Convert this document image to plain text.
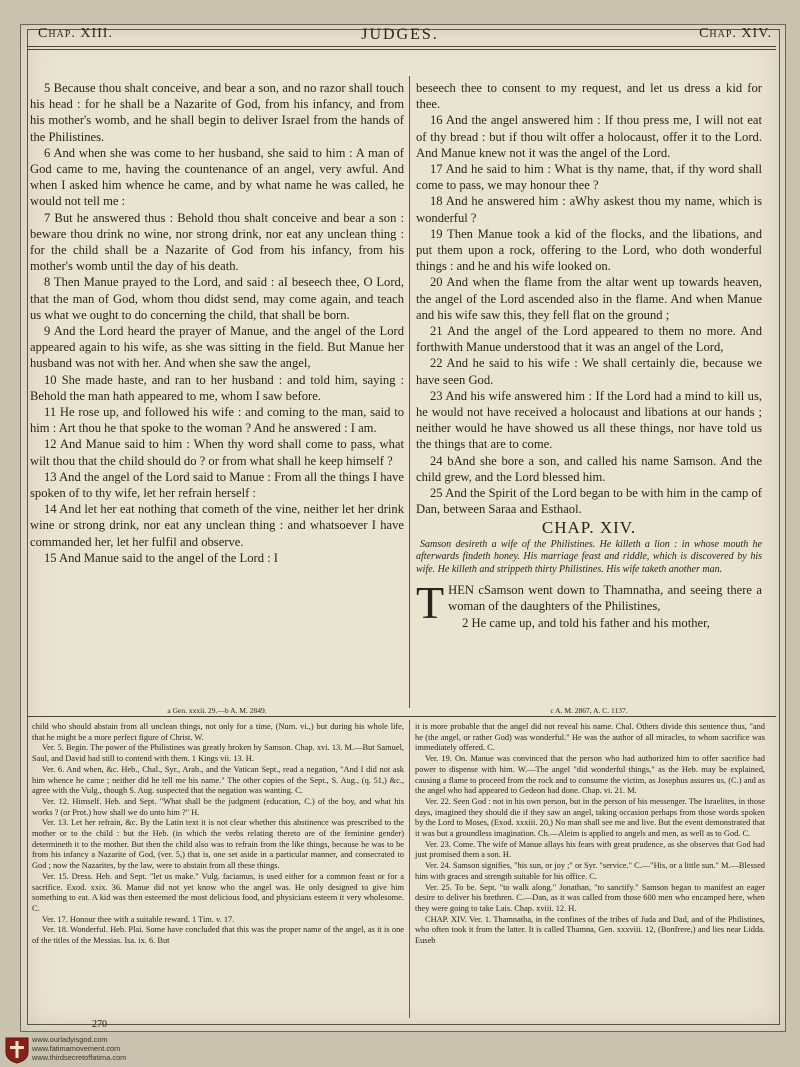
Chap. XIII.	JUDGES.	Chap. XIV.

5 Because thou shalt conceive, and bear a son, and no razor shall touch his head : for he shall be a Nazarite of God, from his infancy, and from his mother's womb, and he shall begin to deliver Israel from the hands of the Philistines.

6 And when she was come to her husband, she said to him : A man of God came to me, having the countenance of an angel, very awful. And when I asked him whence he came, and by what name he was called, he would not tell me :

7 But he answered thus : Behold thou shalt conceive and bear a son : beware thou drink no wine, nor strong drink, nor eat any unclean thing : for the child shall be a Nazarite of God from his infancy, from his mother's womb until the day of his death.

8 Then Manue prayed to the Lord, and said : aI beseech thee, O Lord, that the man of God, whom thou didst send, may come again, and teach us what we ought to do concerning the child, that shall be born.

9 And the Lord heard the prayer of Manue, and the angel of the Lord appeared again to his wife, as she was sitting in the field. But Manue her husband was not with her. And when she saw the angel,

10 She made haste, and ran to her husband : and told him, saying : Behold the man hath appeared to me, whom I saw before.

11 He rose up, and followed his wife : and coming to the man, said to him : Art thou he that spoke to the woman ? And he answered : I am.

12 And Manue said to him : When thy word shall come to pass, what wilt thou that the child should do ? or from what shall he keep himself ?

13 And the angel of the Lord said to Manue : From all the things I have spoken of to thy wife, let her refrain herself :

14 And let her eat nothing that cometh of the vine, neither let her drink wine or strong drink, nor eat any unclean thing : and whatsoever I have commanded her, let her fulfil and observe.

15 And Manue said to the angel of the Lord : I

beseech thee to consent to my request, and let us dress a kid for thee.

16 And the angel answered him : If thou press me, I will not eat of thy bread : but if thou wilt offer a holocaust, offer it to the Lord. And Manue knew not it was the angel of the Lord.

17 And he said to him : What is thy name, that, if thy word shall come to pass, we may honour thee ?

18 And he answered him : aWhy askest thou my name, which is wonderful ?

19 Then Manue took a kid of the flocks, and the libations, and put them upon a rock, offering to the Lord, who doth wonderful things : and he and his wife looked on.

20 And when the flame from the altar went up towards heaven, the angel of the Lord ascended also in the flame. And when Manue and his wife saw this, they fell flat on the ground ;

21 And the angel of the Lord appeared to them no more. And forthwith Manue understood that it was an angel of the Lord,

22 And he said to his wife : We shall certainly die, because we have seen God.

23 And his wife answered him : If the Lord had a mind to kill us, he would not have received a holocaust and libations at our hands ; neither would he have showed us all these things, nor have told us the things that are to come.

24 bAnd she bore a son, and called his name Samson. And the child grew, and the Lord blessed him.

25 And the Spirit of the Lord began to be with him in the camp of Dan, between Saraa and Esthaol.

CHAP. XIV.

Samson desireth a wife of the Philistines. He killeth a lion : in whose mouth he afterwards findeth honey. His marriage feast and riddle, which is discovered by his wife. He killeth and strippeth thirty Philistines. His wife taketh another man.

THEN cSamson went down to Thamnatha, and seeing there a woman of the daughters of the Philistines,

2 He came up, and told his father and his mother,

a Gen. xxxii. 29.—b A. M. 2849.	c A. M. 2867, A. C. 1137.

child who should abstain from all unclean things, not only for a time, (Num. vi.,) but during his whole life, that he might be a more perfect figure of Christ. W.

Ver. 5. Begin. The power of the Philistines was greatly broken by Samson. Chap. xvi. 13. M.—But Samuel, Saul, and David had still to contend with them. 1 Kings vii. 13. H.

Ver. 6. And when, &c. Heb., Chal., Syr., Arab., and the Vatican Sept., read a negation, "And I did not ask him whence he came ; neither did he tell me his name." The other copies of the Sept., S. Aug., (q. 51,) &c., agree with the Vulg., though S. Aug. suspected that the negation was wanting. C.

Ver. 12. Himself. Heb. and Sept. "What shall be the judgment (education, C.) of the boy, and what his works ? (or Prot.) how shall we do unto him ?" H.

Ver. 13. Let her refrain, &c. By the Latin text it is not clear whether this abstinence was prescribed to the mother or to the child : but the Heb. (in which the verbs relating thereto are of the feminine gender) determineth it to the mother. But then the child also was to refrain from the like things, because he was to be from his infancy a Nazarite of God, (ver. 5,) that is, one set aside in a particular manner, and consecrated to God ; now the Nazarites, by the law, were to abstain from all these things.

Ver. 15. Dress. Heb. and Sept. "let us make." Vulg. faciamus, is used either for a common feast or for a sacrifice. Exod. xxix. 36. Manue did not yet know who the angel was. He only designed to give him something to eat. A kid was then esteemed the most delicious food, and physicians esteem it very wholesome. C.

Ver. 17. Honour thee with a suitable reward. 1 Tim. v. 17.

Ver. 18. Wonderful. Heb. Plai. Some have concluded that this was the proper name of the angel, as it is one of the titles of the Messias. Isa. ix. 6. But

it is more probable that the angel did not reveal his name. Chal. Others divide this sentence thus, "and he (the angel, or rather God) was wonderful." He was the author of all miracles, to whom sacrifice was immediately offered. C.

Ver. 19. On. Manue was convinced that the person who had authorized him to offer sacrifice had power to dispense with him. W.—The angel "did wonderful things," as the Heb. may be explained, causing a flame to proceed from the rock and to consume the victim, as Josephus assures us, (C.) and as the angel who had appeared to Gedeon had done. Chap. vi. 21. M.

Ver. 22. Seen God : not in his own person, but in the person of his messenger. The Israelites, in those days, imagined they should die if they saw an angel, taking occasion perhaps from those words spoken by the Lord to Moses, (Exod. xxxiii. 20,) No man shall see me and live. But the event demonstrated that it was but a groundless imagination. Ch.—Aleim is applied to angels and men, as well as to God. C.

Ver. 23. Come. The wife of Manue allays his fears with great prudence, as she observes that God had just promised them a son. H.

Ver. 24. Samson signifies, "his sun, or joy ;" or Syr. "service." C.—"His, or a little sun." M.—Blessed him with graces and strength suitable for his office. C.

Ver. 25. To be. Sept. "to walk along." Jonathan, "to sanctify." Samson began to manifest an eager desire to deliver his brethren. C.—Dan, as it was called from those 600 men who encamped here, when they were going to take Lais. Chap. xviii. 12. H.

CHAP. XIV. Ver. 1. Thamnatha, in the confines of the tribes of Juda and Dad, and of the Philistines, who often took it from the latter. It is called Thamna, Gen. xxxviii. 12, (Bonfrere,) and lies near Lidda. Euseb

270
www.ourladyisgod.com
www.fatimamovement.com
www.thirdsecretoffatima.com
